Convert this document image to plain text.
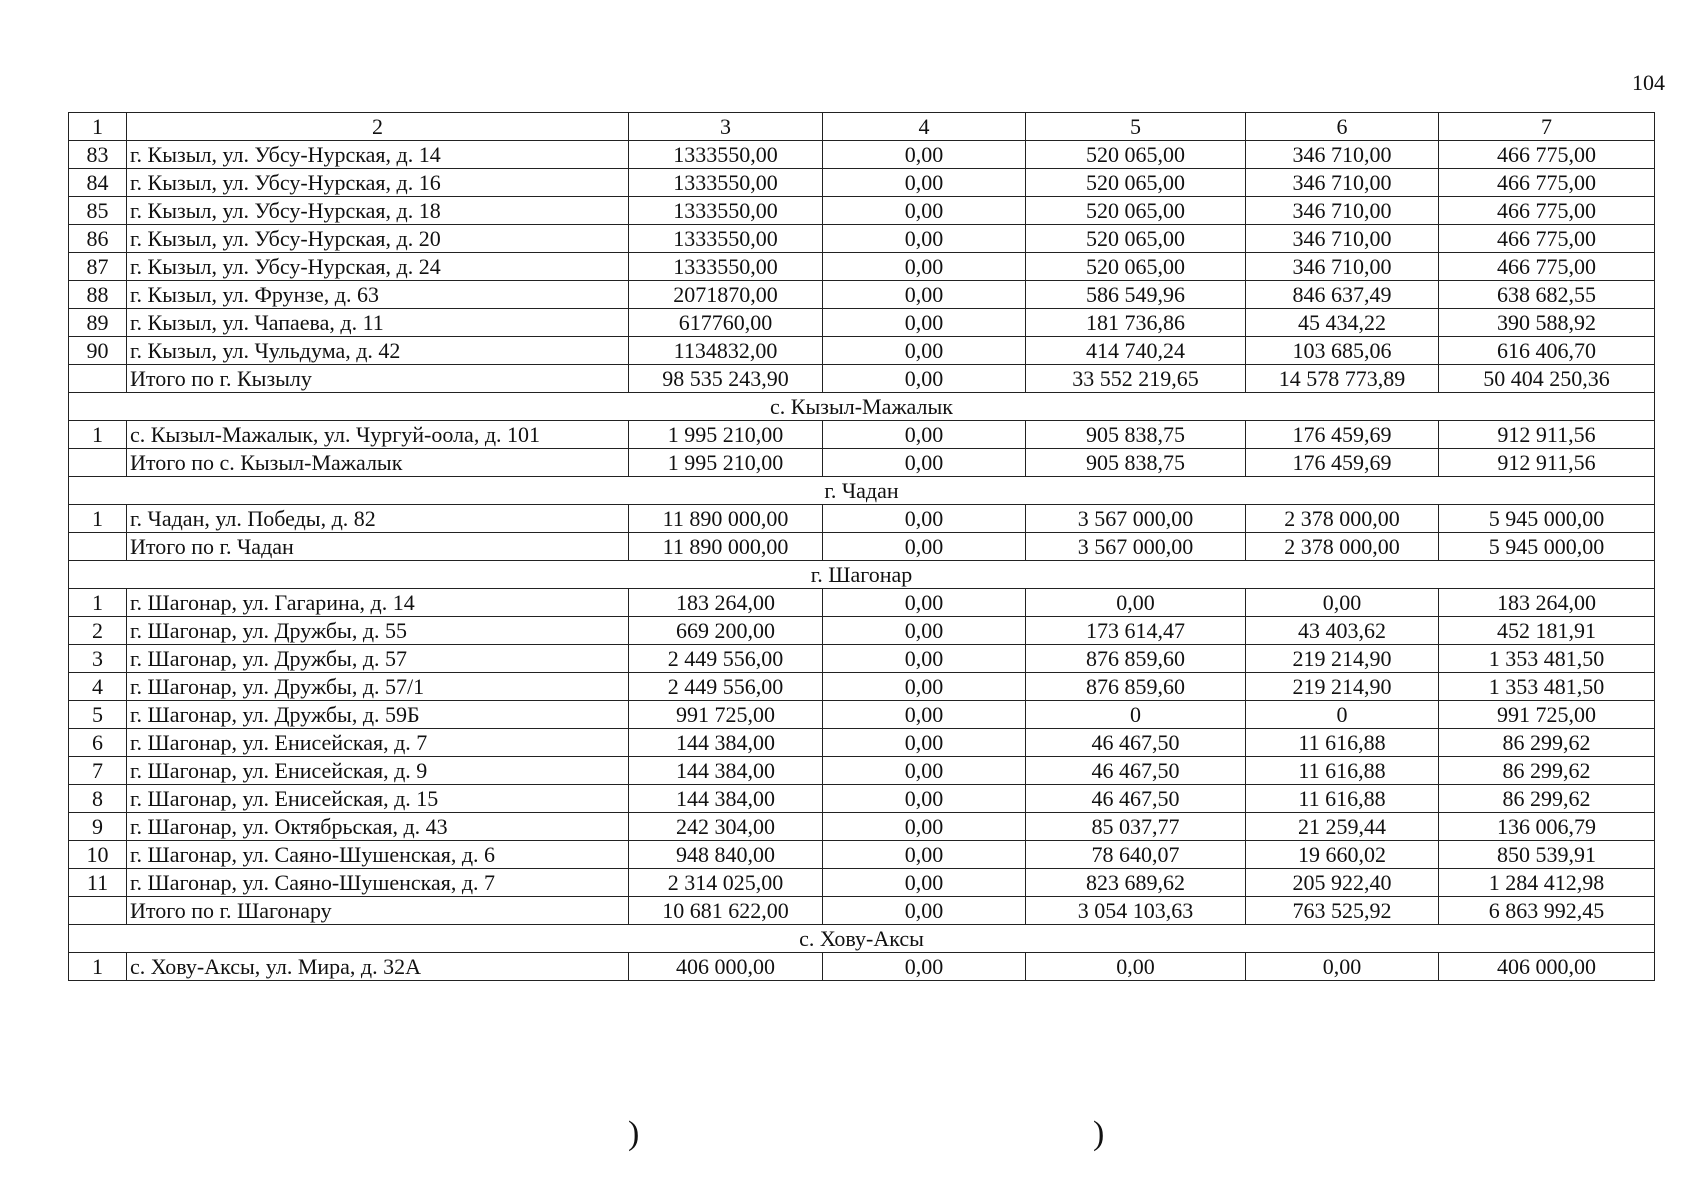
104
1	2	3	4	5	6	7
83	г. Кызыл, ул. Убсу-Нурская, д. 14	1333550,00	0,00	520 065,00	346 710,00	466 775,00
84	г. Кызыл, ул. Убсу-Нурская, д. 16	1333550,00	0,00	520 065,00	346 710,00	466 775,00
85	г. Кызыл, ул. Убсу-Нурская, д. 18	1333550,00	0,00	520 065,00	346 710,00	466 775,00
86	г. Кызыл, ул. Убсу-Нурская, д. 20	1333550,00	0,00	520 065,00	346 710,00	466 775,00
87	г. Кызыл, ул. Убсу-Нурская, д. 24	1333550,00	0,00	520 065,00	346 710,00	466 775,00
88	г. Кызыл, ул. Фрунзе, д. 63	2071870,00	0,00	586 549,96	846 637,49	638 682,55
89	г. Кызыл, ул. Чапаева, д. 11	617760,00	0,00	181 736,86	45 434,22	390 588,92
90	г. Кызыл, ул. Чульдума, д. 42	1134832,00	0,00	414 740,24	103 685,06	616 406,70
	Итого по г. Кызылу	98 535 243,90	0,00	33 552 219,65	14 578 773,89	50 404 250,36
с. Кызыл-Мажалык						
1	с. Кызыл-Мажалык, ул. Чургуй-оола, д. 101	1 995 210,00	0,00	905 838,75	176 459,69	912 911,56
	Итого по с. Кызыл-Мажалык	1 995 210,00	0,00	905 838,75	176 459,69	912 911,56
г. Чадан						
1	г. Чадан, ул. Победы, д. 82	11 890 000,00	0,00	3 567 000,00	2 378 000,00	5 945 000,00
	Итого по г. Чадан	11 890 000,00	0,00	3 567 000,00	2 378 000,00	5 945 000,00
г. Шагонар						
1	г. Шагонар, ул. Гагарина, д. 14	183 264,00	0,00	0,00	0,00	183 264,00
2	г. Шагонар, ул. Дружбы, д. 55	669 200,00	0,00	173 614,47	43 403,62	452 181,91
3	г. Шагонар, ул. Дружбы, д. 57	2 449 556,00	0,00	876 859,60	219 214,90	1 353 481,50
4	г. Шагонар, ул. Дружбы, д. 57/1	2 449 556,00	0,00	876 859,60	219 214,90	1 353 481,50
5	г. Шагонар, ул. Дружбы, д. 59Б	991 725,00	0,00	0	0	991 725,00
6	г. Шагонар, ул. Енисейская, д. 7	144 384,00	0,00	46 467,50	11 616,88	86 299,62
7	г. Шагонар, ул. Енисейская, д. 9	144 384,00	0,00	46 467,50	11 616,88	86 299,62
8	г. Шагонар, ул. Енисейская, д. 15	144 384,00	0,00	46 467,50	11 616,88	86 299,62
9	г. Шагонар, ул. Октябрьская, д. 43	242 304,00	0,00	85 037,77	21 259,44	136 006,79
10	г. Шагонар, ул. Саяно-Шушенская, д. 6	948 840,00	0,00	78 640,07	19 660,02	850 539,91
11	г. Шагонар, ул. Саяно-Шушенская, д. 7	2 314 025,00	0,00	823 689,62	205 922,40	1 284 412,98
	Итого по г. Шагонару	10 681 622,00	0,00	3 054 103,63	763 525,92	6 863 992,45
с. Хову-Аксы						
1	с. Хову-Аксы, ул. Мира, д. 32А	406 000,00	0,00	0,00	0,00	406 000,00
)	)
